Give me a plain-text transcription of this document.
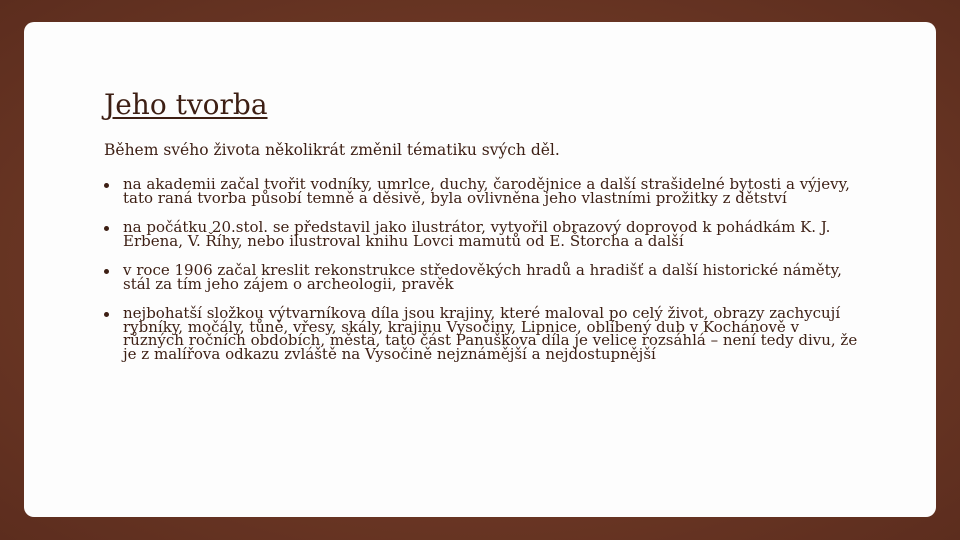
Jeho tvorba

Během svého života několikrát změnil tématiku svých děl.

na akademii začal tvořit vodníky, umrlce, duchy, čarodějnice a další strašidelné bytosti a výjevy, tato raná tvorba působí temně a děsivě, byla ovlivněna jeho vlastními prožitky z dětství
na počátku 20.stol. se představil jako ilustrátor, vytvořil obrazový doprovod k pohádkám K. J. Erbena, V. Říhy, nebo ilustroval knihu Lovci mamutů od E. Štorcha a další
v roce 1906 začal kreslit rekonstrukce středověkých hradů a hradišť a další historické náměty, stál za tím jeho zájem o archeologii, pravěk
nejbohatší složkou výtvarníkova díla jsou krajiny, které maloval po celý život, obrazy zachycují rybníky, močály, tůně, vřesy, skály, krajinu Vysočiny, Lipnice, oblíbený dub v Kochánově v různých ročních obdobích, města, tato část Panuškova díla je velice rozsáhlá – není tedy divu, že je z malířova odkazu zvláště na Vysočině nejznámější a nejdostupnější
